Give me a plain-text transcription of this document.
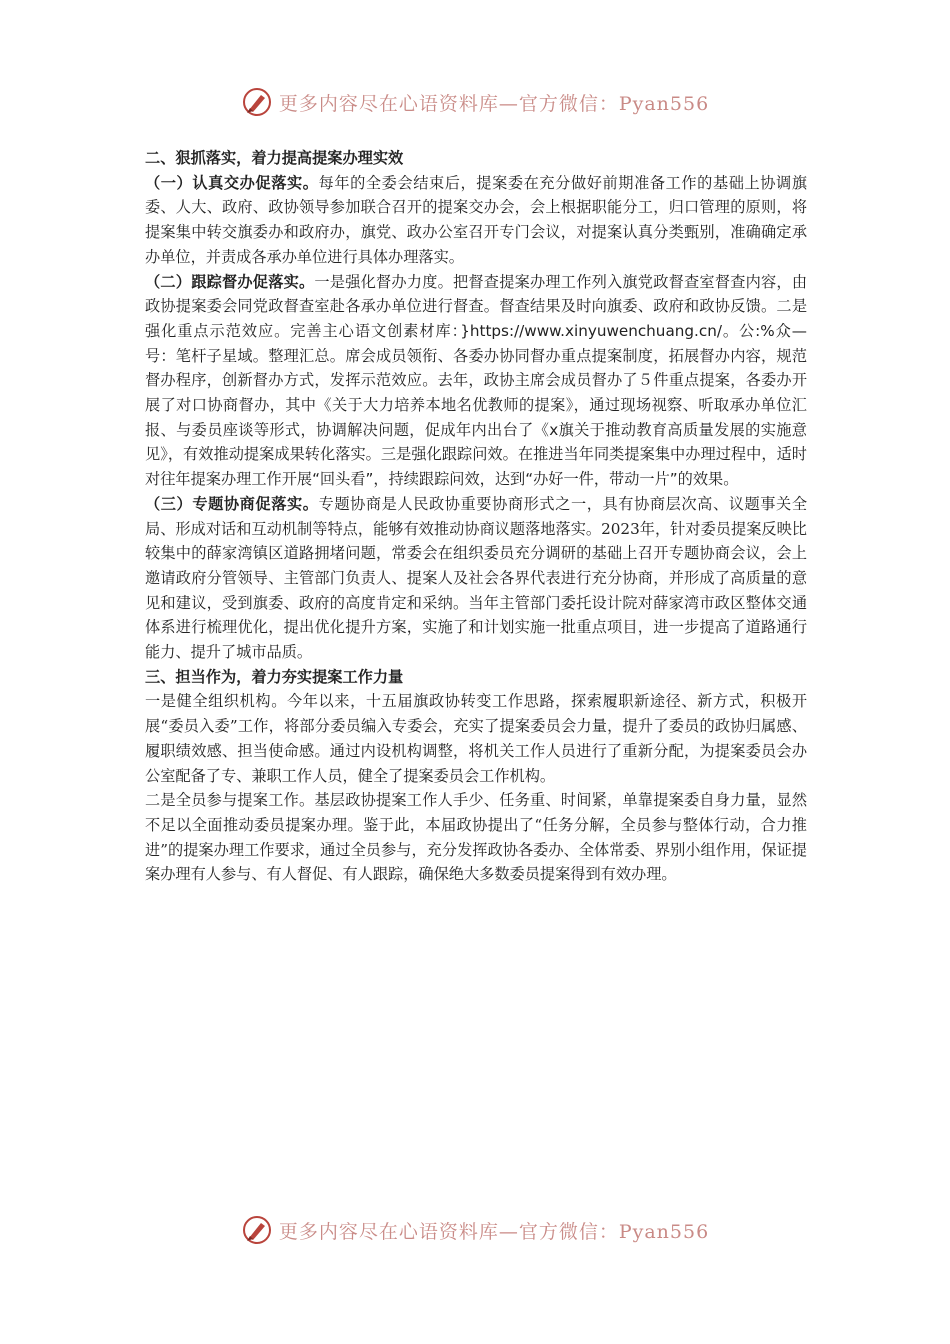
更多内容尽在心语资料库—官方微信：Pyan556

二、狠抓落实，着力提高提案办理实效

（一）认真交办促落实。每年的全委会结束后，提案委在充分做好前期准备工作的基础上协调旗委、人大、政府、政协领导参加联合召开的提案交办会，会上根据职能分工，归口管理的原则，将提案集中转交旗委办和政府办，旗党、政办公室召开专门会议，对提案认真分类甄别，准确确定承办单位，并责成各承办单位进行具体办理落实。

（二）跟踪督办促落实。一是强化督办力度。把督查提案办理工作列入旗党政督查室督查内容，由政协提案委会同党政督查室赴各承办单位进行督查。督查结果及时向旗委、政府和政协反馈。二是强化重点示范效应。完善主心语文创素材库：}https://www.xinyuwenchuang.cn/。公:%众—号：笔杆子星域。整理汇总。席会成员领衔、各委办协同督办重点提案制度，拓展督办内容，规范督办程序，创新督办方式，发挥示范效应。去年，政协主席会成员督办了５件重点提案，各委办开展了对口协商督办，其中《关于大力培养本地名优教师的提案》，通过现场视察、听取承办单位汇报、与委员座谈等形式，协调解决问题，促成年内出台了《x旗关于推动教育高质量发展的实施意见》，有效推动提案成果转化落实。三是强化跟踪问效。在推进当年同类提案集中办理过程中，适时对往年提案办理工作开展“回头看”，持续跟踪问效，达到“办好一件，带动一片”的效果。

（三）专题协商促落实。专题协商是人民政协重要协商形式之一，具有协商层次高、议题事关全局、形成对话和互动机制等特点，能够有效推动协商议题落地落实。2023年，针对委员提案反映比较集中的薛家湾镇区道路拥堵问题，常委会在组织委员充分调研的基础上召开专题协商会议，会上邀请政府分管领导、主管部门负责人、提案人及社会各界代表进行充分协商，并形成了高质量的意见和建议，受到旗委、政府的高度肯定和采纳。当年主管部门委托设计院对薛家湾市政区整体交通体系进行梳理优化，提出优化提升方案，实施了和计划实施一批重点项目，进一步提高了道路通行能力、提升了城市品质。

三、担当作为，着力夯实提案工作力量

一是健全组织机构。今年以来，十五届旗政协转变工作思路，探索履职新途径、新方式，积极开展“委员入委”工作，将部分委员编入专委会，充实了提案委员会力量，提升了委员的政协归属感、履职绩效感、担当使命感。通过内设机构调整，将机关工作人员进行了重新分配，为提案委员会办公室配备了专、兼职工作人员，健全了提案委员会工作机构。

二是全员参与提案工作。基层政协提案工作人手少、任务重、时间紧，单靠提案委自身力量，显然不足以全面推动委员提案办理。鉴于此，本届政协提出了“任务分解，全员参与整体行动，合力推进”的提案办理工作要求，通过全员参与，充分发挥政协各委办、全体常委、界别小组作用，保证提案办理有人参与、有人督促、有人跟踪，确保绝大多数委员提案得到有效办理。

更多内容尽在心语资料库—官方微信：Pyan556
